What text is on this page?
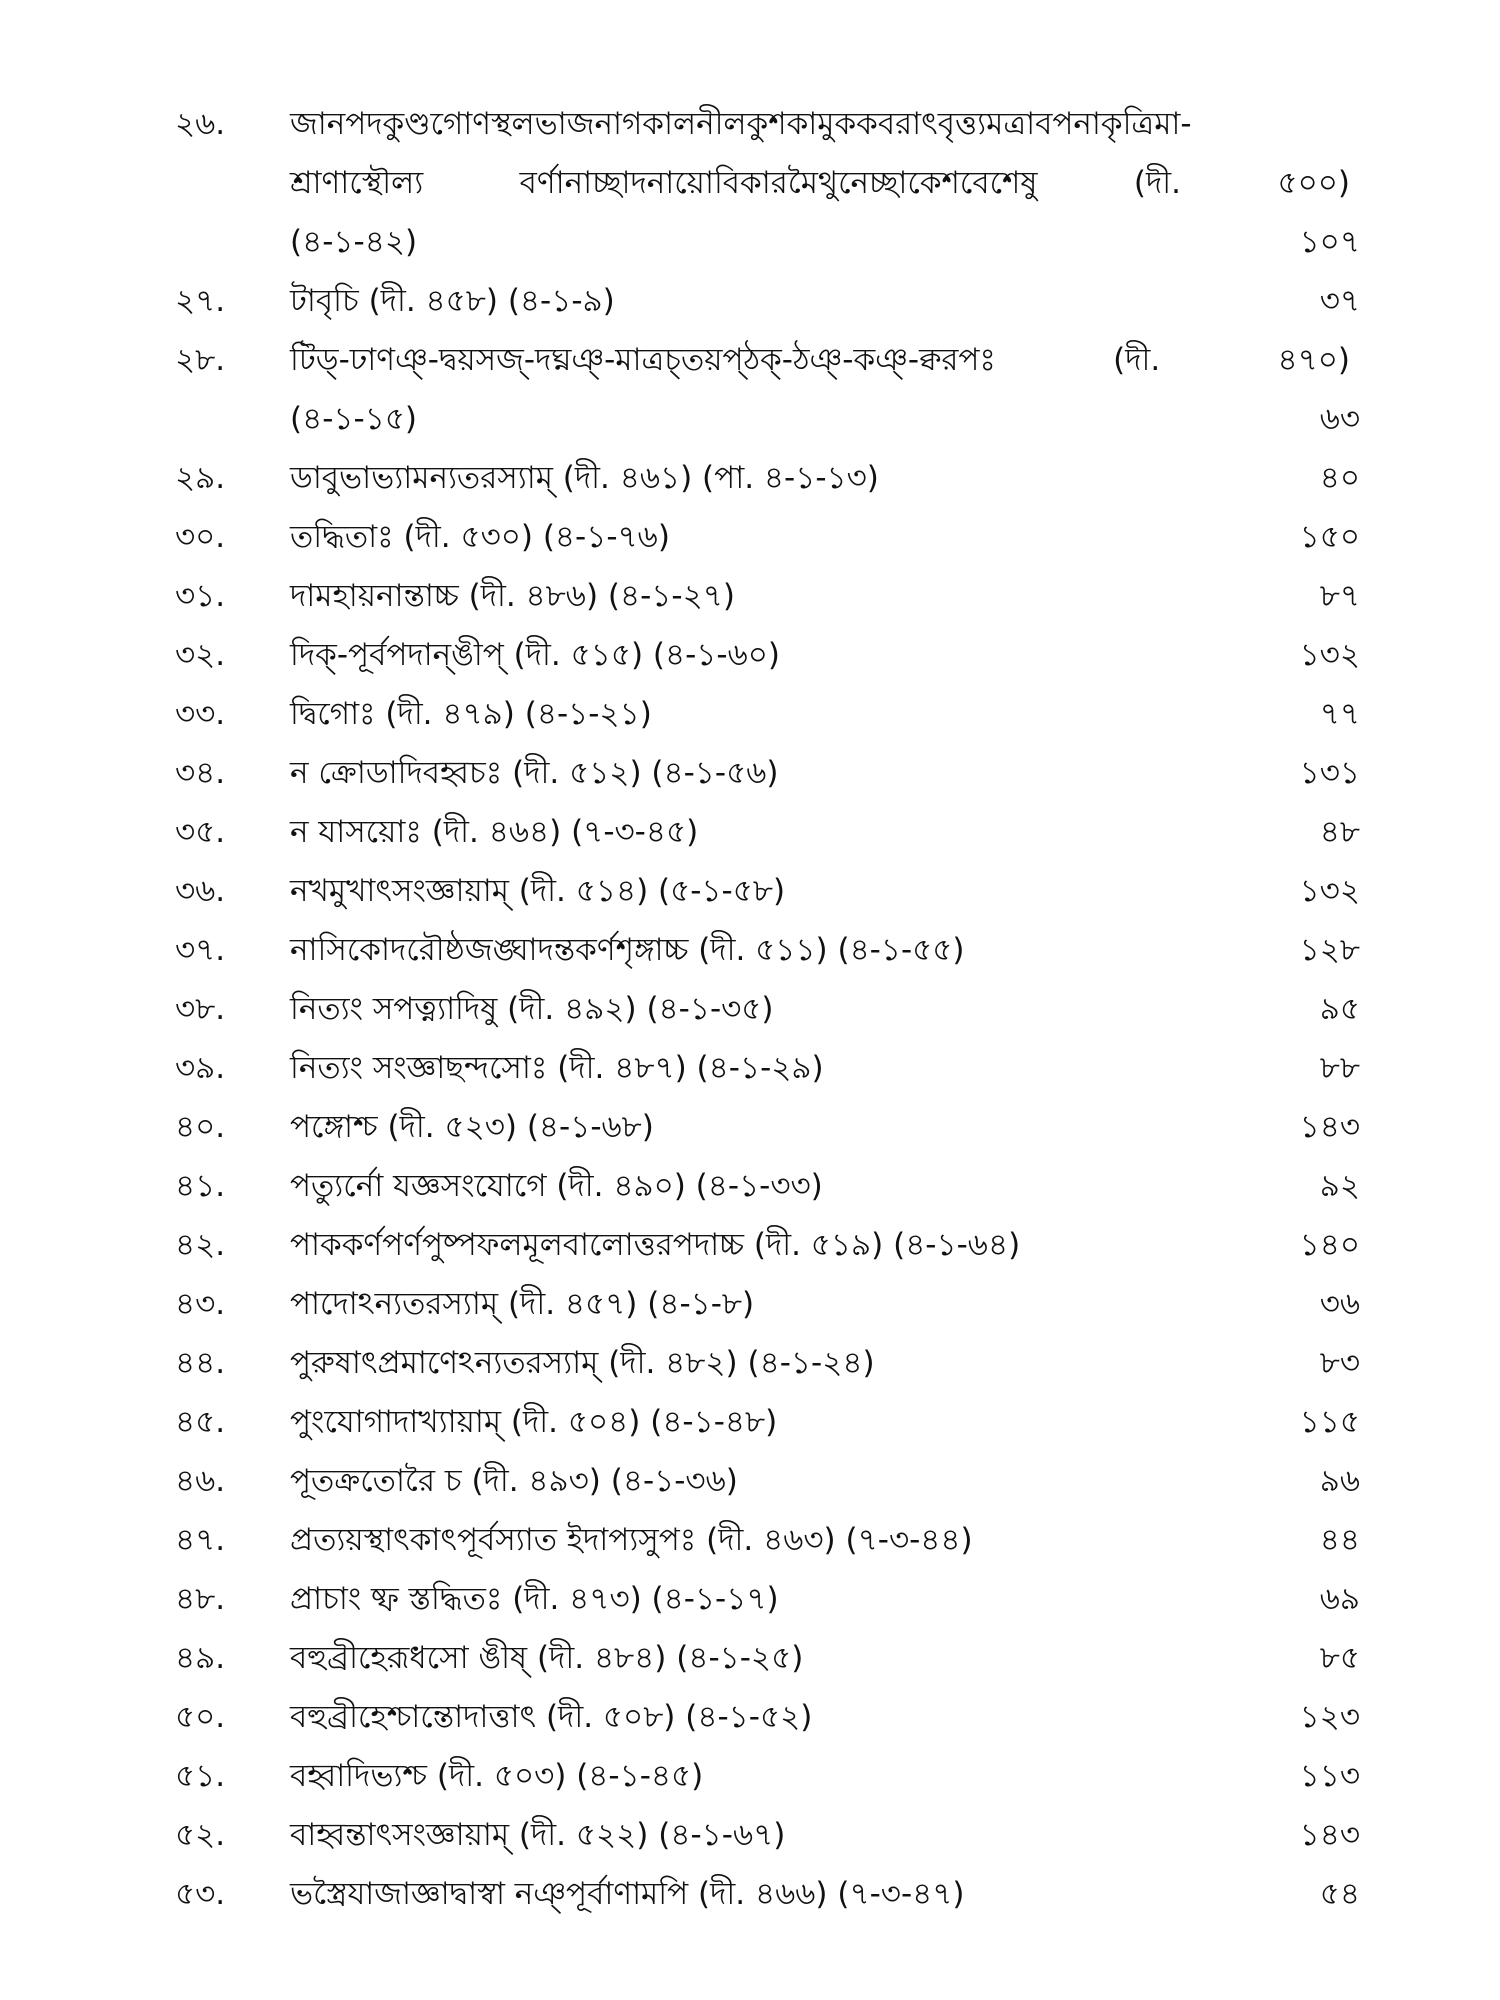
২৬.	জানপদকুণ্ডগোণস্থলভাজনাগকালনীলকুশকামুককবরাৎবৃত্ত্যমত্রাবপনাকৃত্রিমা-
শ্রাণাস্থৌল্য বর্ণানাচ্ছাদনায়োবিকারমৈথুনেচ্ছাকেশবেশেষু (দী. ৫০০)
(৪-১-৪২)	১০৭
২৭.	টাবৃচি (দী. ৪৫৮) (৪-১-৯)	৩৭
২৮.	টিড্-ঢাণঞ্-দ্বয়সজ্-দঘ্নঞ্-মাত্রচ্তয়প্ঠক্-ঠঞ্-কঞ্-ক্বরপঃ (দী. ৪৭০)
(৪-১-১৫)	৬৩
২৯.	ডাবুভাভ্যামন্যতরস্যাম্ (দী. ৪৬১) (পা. ৪-১-১৩)	৪০
৩০.	তদ্ধিতাঃ (দী. ৫৩০) (৪-১-৭৬)	১৫০
৩১.	দামহায়নান্তাচ্চ (দী. ৪৮৬) (৪-১-২৭)	৮৭
৩২.	দিক্-পূর্বপদান্ঙীপ্ (দী. ৫১৫) (৪-১-৬০)	১৩২
৩৩.	দ্বিগোঃ (দী. ৪৭৯) (৪-১-২১)	৭৭
৩৪.	ন ক্রোডাদিবহ্বচঃ (দী. ৫১২) (৪-১-৫৬)	১৩১
৩৫.	ন যাসয়োঃ (দী. ৪৬৪) (৭-৩-৪৫)	৪৮
৩৬.	নখমুখাৎসংজ্ঞায়াম্ (দী. ৫১৪) (৫-১-৫৮)	১৩২
৩৭.	নাসিকোদরৌষ্ঠজঙ্ঘাদন্তকর্ণশৃঙ্গাচ্চ (দী. ৫১১) (৪-১-৫৫)	১২৮
৩৮.	নিত্যং সপত্ন্যাদিষু (দী. ৪৯২) (৪-১-৩৫)	৯৫
৩৯.	নিত্যং সংজ্ঞাছন্দসোঃ (দী. ৪৮৭) (৪-১-২৯)	৮৮
৪০.	পঙ্গোশ্চ (দী. ৫২৩) (৪-১-৬৮)	১৪৩
৪১.	পত্যুর্নো যজ্ঞসংযোগে (দী. ৪৯০) (৪-১-৩৩)	৯২
৪২.	পাককর্ণপর্ণপুষ্পফলমূলবালোত্তরপদাচ্চ (দী. ৫১৯) (৪-১-৬৪)	১৪০
৪৩.	পাদোঽন্যতরস্যাম্ (দী. ৪৫৭) (৪-১-৮)	৩৬
৪৪.	পুরুষাৎপ্রমাণেঽন্যতরস্যাম্ (দী. ৪৮২) (৪-১-২৪)	৮৩
৪৫.	পুংযোগাদাখ্যায়াম্ (দী. ৫০৪) (৪-১-৪৮)	১১৫
৪৬.	পূতক্রতোরৈ চ (দী. ৪৯৩) (৪-১-৩৬)	৯৬
৪৭.	প্রত্যয়স্থাৎকাৎপূর্বস্যাত ইদাপ্যসুপঃ (দী. ৪৬৩) (৭-৩-৪৪)	৪৪
৪৮.	প্রাচাং ষ্ফ স্তদ্ধিতঃ (দী. ৪৭৩) (৪-১-১৭)	৬৯
৪৯.	বহুব্রীহেরূধসো ঙীষ্ (দী. ৪৮৪) (৪-১-২৫)	৮৫
৫০.	বহুব্রীহেশ্চান্তোদাত্তাৎ (দী. ৫০৮) (৪-১-৫২)	১২৩
৫১.	বহ্বাদিভ্যশ্চ (দী. ৫০৩) (৪-১-৪৫)	১১৩
৫২.	বাহ্বন্তাৎসংজ্ঞায়াম্ (দী. ৫২২) (৪-১-৬৭)	১৪৩
৫৩.	ভস্ত্রৈযাজাজ্ঞাদ্বাস্বা নঞ্পূর্বাণামপি (দী. ৪৬৬) (৭-৩-৪৭)	৫৪
